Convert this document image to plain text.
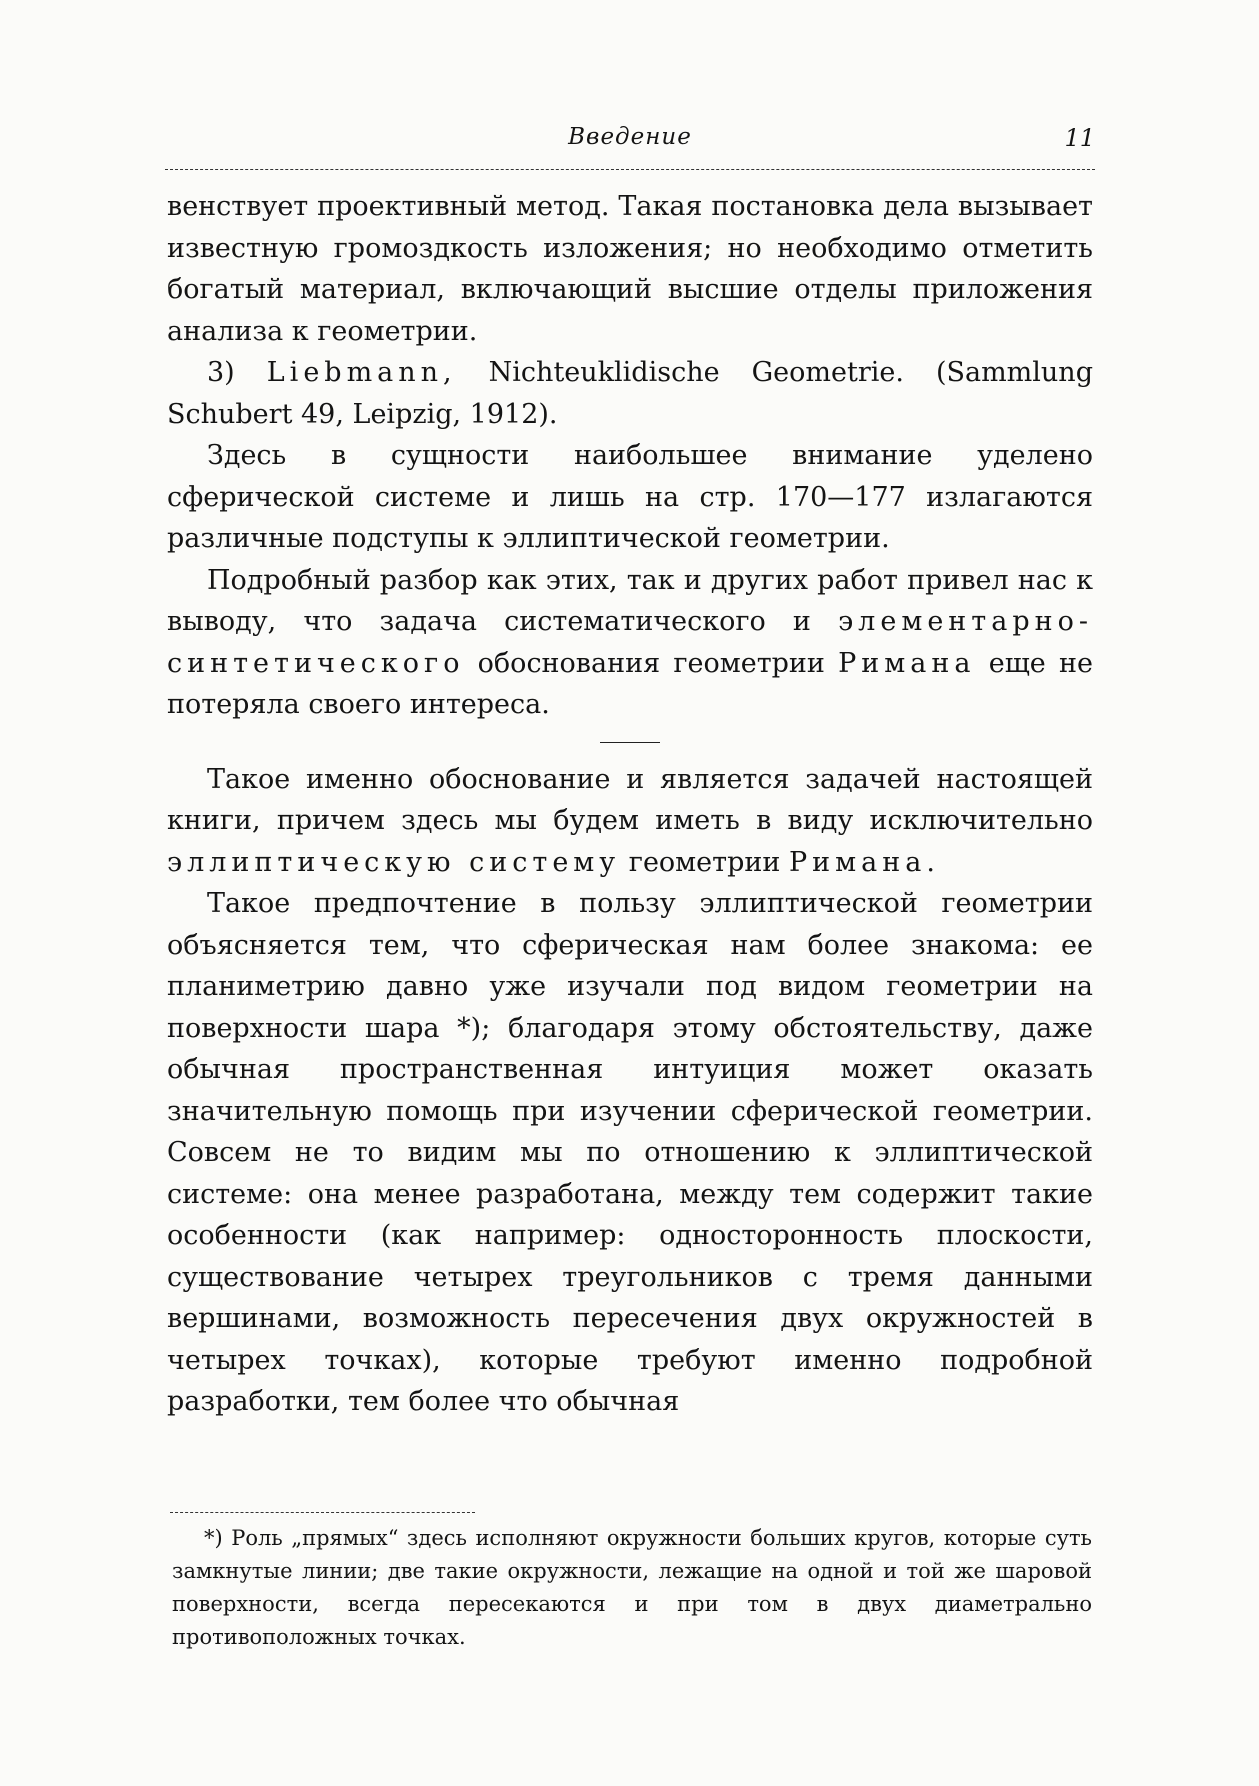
Введение	11

венствует проективный метод. Такая постановка дела вызывает известную громоздкость изложения; но необходимо отметить богатый материал, включающий высшие отделы приложения анализа к геометрии.

3) Liebmann, Nichteuklidische Geometrie. (Sammlung Schubert 49, Leipzig, 1912).

Здесь в сущности наибольшее внимание уделено сферической системе и лишь на стр. 170—177 излагаются различные подступы к эллиптической геометрии.

Подробный разбор как этих, так и других работ привел нас к выводу, что задача систематического и элементарно-синтетического обоснования геометрии Римана еще не потеряла своего интереса.

Такое именно обоснование и является задачей настоящей книги, причем здесь мы будем иметь в виду исключительно эллиптическую систему геометрии Римана.

Такое предпочтение в пользу эллиптической геометрии объясняется тем, что сферическая нам более знакома: ее планиметрию давно уже изучали под видом геометрии на поверхности шара *); благодаря этому обстоятельству, даже обычная пространственная интуиция может оказать значительную помощь при изучении сферической геометрии. Совсем не то видим мы по отношению к эллиптической системе: она менее разработана, между тем содержит такие особенности (как например: односторонность плоскости, существование четырех треугольников с тремя данными вершинами, возможность пересечения двух окружностей в четырех точках), которые требуют именно подробной разработки, тем более что обычная

*) Роль „прямых“ здесь исполняют окружности больших кругов, которые суть замкнутые линии; две такие окружности, лежащие на одной и той же шаровой поверхности, всегда пересекаются и при том в двух диаметрально противоположных точках.
